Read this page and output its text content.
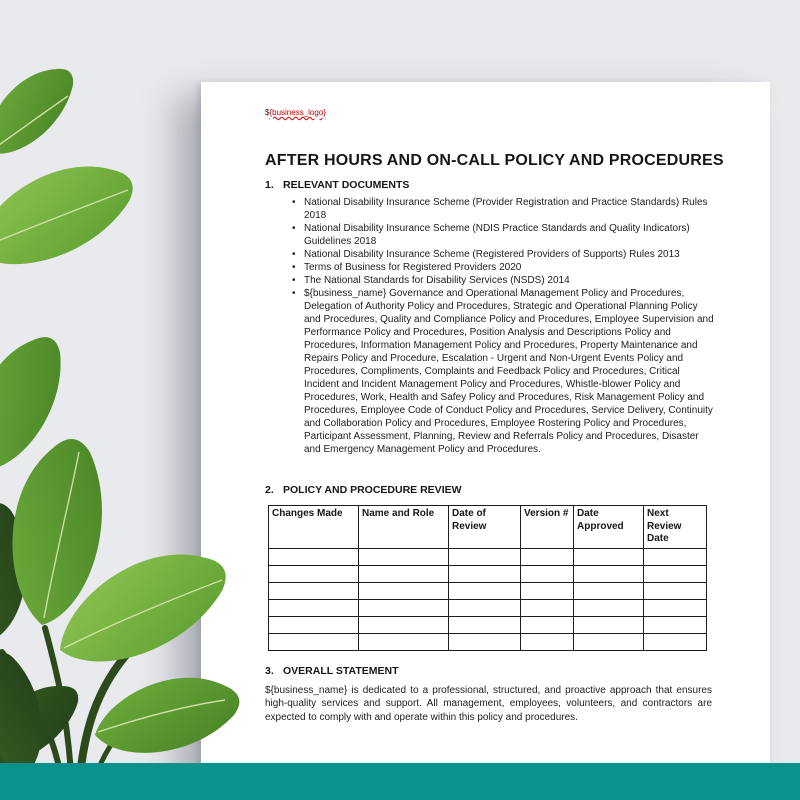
${business_logo}
AFTER HOURS AND ON-CALL POLICY AND PROCEDURES
1. RELEVANT DOCUMENTS
• National Disability Insurance Scheme (Provider Registration and Practice Standards) Rules 2018
• National Disability Insurance Scheme (NDIS Practice Standards and Quality Indicators) Guidelines 2018
• National Disability Insurance Scheme (Registered Providers of Supports) Rules 2013
• Terms of Business for Registered Providers 2020
• The National Standards for Disability Services (NSDS) 2014
• ${business_name} Governance and Operational Management Policy and Procedures, Delegation of Authority Policy and Procedures, Strategic and Operational Planning Policy and Procedures, Quality and Compliance Policy and Procedures, Employee Supervision and Performance Policy and Procedures, Position Analysis and Descriptions Policy and Procedures, Information Management Policy and Procedures, Property Maintenance and Repairs Policy and Procedure, Escalation - Urgent and Non-Urgent Events Policy and Procedures, Compliments, Complaints and Feedback Policy and Procedures, Critical Incident and Incident Management Policy and Procedures, Whistle-blower Policy and Procedures, Work, Health and Safey Policy and Procedures, Risk Management Policy and Procedures, Employee Code of Conduct Policy and Procedures, Service Delivery, Continuity and Collaboration Policy and Procedures, Employee Rostering Policy and Procedures, Participant Assessment, Planning, Review and Referrals Policy and Procedures, Disaster and Emergency Management Policy and Procedures.
2. POLICY AND PROCEDURE REVIEW
Changes Made	Name and Role	Date of Review	Version #	Date Approved	Next Review Date

3. OVERALL STATEMENT
${business_name} is dedicated to a professional, structured, and proactive approach that ensures high-quality services and support. All management, employees, volunteers, and contractors are expected to comply with and operate within this policy and procedures.
